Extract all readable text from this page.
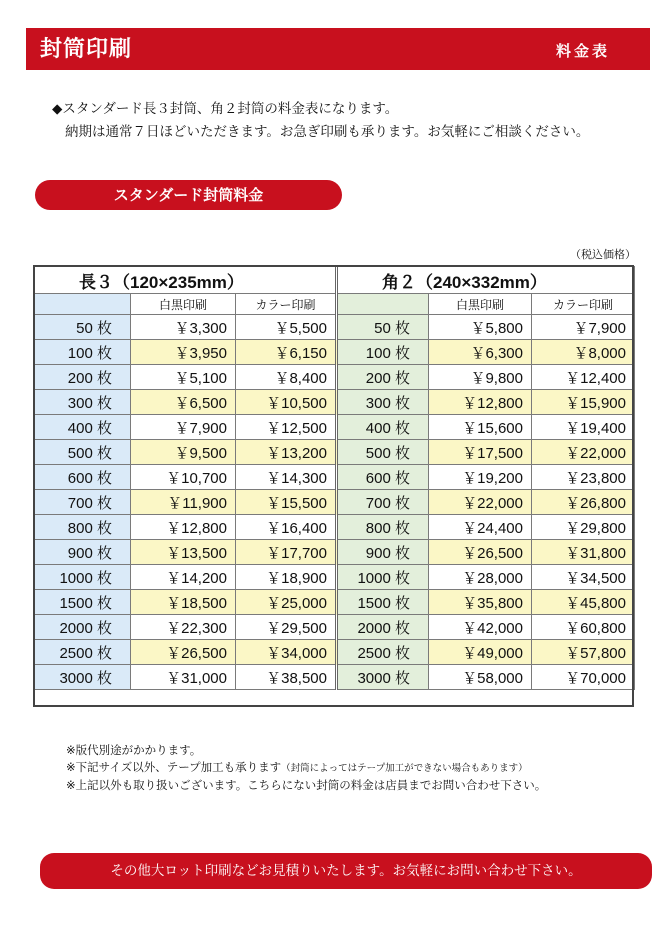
封筒印刷	料金表
◆スタンダード長３封筒、角２封筒の料金表になります。
納期は通常７日ほどいただきます。お急ぎ印刷も承ります。お気軽にご相談ください。
スタンダード封筒料金
（税込価格）
長３（120×235mm）			角２（240×332mm）		
	白黒印刷	カラー印刷		白黒印刷	カラー印刷
50 枚	￥3,300	￥5,500	50 枚	￥5,800	￥7,900
100 枚	￥3,950	￥6,150	100 枚	￥6,300	￥8,000
200 枚	￥5,100	￥8,400	200 枚	￥9,800	￥12,400
300 枚	￥6,500	￥10,500	300 枚	￥12,800	￥15,900
400 枚	￥7,900	￥12,500	400 枚	￥15,600	￥19,400
500 枚	￥9,500	￥13,200	500 枚	￥17,500	￥22,000
600 枚	￥10,700	￥14,300	600 枚	￥19,200	￥23,800
700 枚	￥11,900	￥15,500	700 枚	￥22,000	￥26,800
800 枚	￥12,800	￥16,400	800 枚	￥24,400	￥29,800
900 枚	￥13,500	￥17,700	900 枚	￥26,500	￥31,800
1000 枚	￥14,200	￥18,900	1000 枚	￥28,000	￥34,500
1500 枚	￥18,500	￥25,000	1500 枚	￥35,800	￥45,800
2000 枚	￥22,300	￥29,500	2000 枚	￥42,000	￥60,800
2500 枚	￥26,500	￥34,000	2500 枚	￥49,000	￥57,800
3000 枚	￥31,000	￥38,500	3000 枚	￥58,000	￥70,000
※版代別途がかかります。
※下記サイズ以外、テープ加工も承ります（封筒によってはテープ加工ができない場合もあります）
※上記以外も取り扱いございます。こちらにない封筒の料金は店員までお問い合わせ下さい。
その他大ロット印刷などお見積りいたします。お気軽にお問い合わせ下さい。
